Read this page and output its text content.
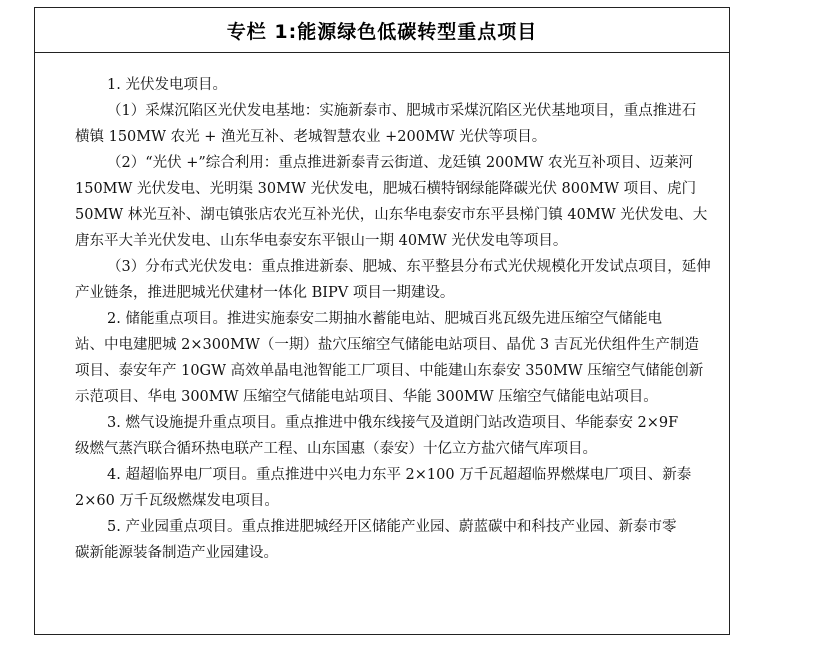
专栏 1:能源绿色低碳转型重点项目
1. 光伏发电项目。
（1）采煤沉陷区光伏发电基地：实施新泰市、肥城市采煤沉陷区光伏基地项目，重点推进石
横镇 150MW 农光 + 渔光互补、老城智慧农业 +200MW 光伏等项目。
（2）“光伏 +”综合利用：重点推进新泰青云街道、龙廷镇 200MW 农光互补项目、迈莱河
150MW 光伏发电、光明渠 30MW 光伏发电，肥城石横特钢绿能降碳光伏 800MW 项目、虎门
50MW 林光互补、湖屯镇张店农光互补光伏，山东华电泰安市东平县梯门镇 40MW 光伏发电、大
唐东平大羊光伏发电、山东华电泰安东平银山一期 40MW 光伏发电等项目。
（3）分布式光伏发电：重点推进新泰、肥城、东平整县分布式光伏规模化开发试点项目，延伸
产业链条，推进肥城光伏建材一体化 BIPV 项目一期建设。
2. 储能重点项目。推进实施泰安二期抽水蓄能电站、肥城百兆瓦级先进压缩空气储能电
站、中电建肥城 2×300MW（一期）盐穴压缩空气储能电站项目、晶优 3 吉瓦光伏组件生产制造
项目、泰安年产 10GW 高效单晶电池智能工厂项目、中能建山东泰安 350MW 压缩空气储能创新
示范项目、华电 300MW 压缩空气储能电站项目、华能 300MW 压缩空气储能电站项目。
3. 燃气设施提升重点项目。重点推进中俄东线接气及道朗门站改造项目、华能泰安 2×9F
级燃气蒸汽联合循环热电联产工程、山东国惠（泰安）十亿立方盐穴储气库项目。
4. 超超临界电厂项目。重点推进中兴电力东平 2×100 万千瓦超超临界燃煤电厂项目、新泰
2×60 万千瓦级燃煤发电项目。
5. 产业园重点项目。重点推进肥城经开区储能产业园、蔚蓝碳中和科技产业园、新泰市零
碳新能源装备制造产业园建设。
